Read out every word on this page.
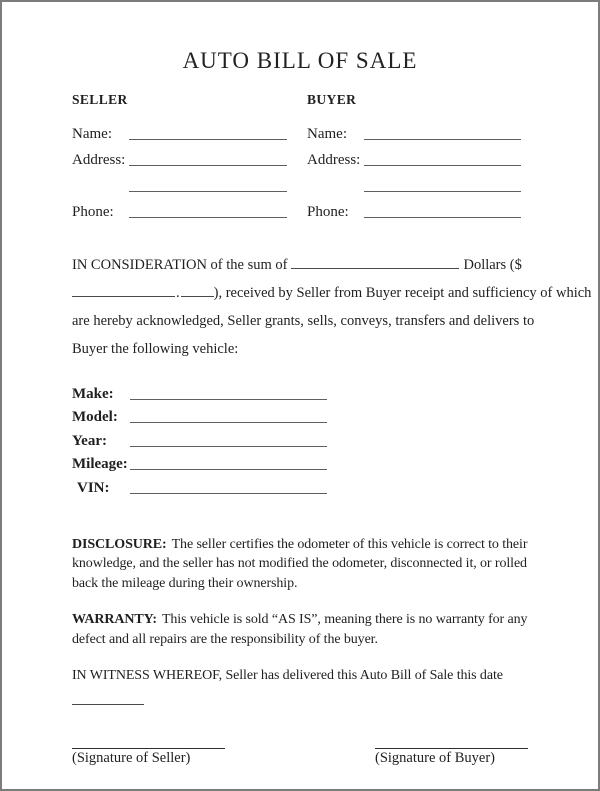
AUTO BILL OF SALE
SELLER
Name:
Address:
Phone:
BUYER
Name:
Address:
Phone:
IN CONSIDERATION of the sum of	Dollars ($
. ), received by Seller from Buyer receipt and sufficiency of which
are hereby acknowledged, Seller grants, sells, conveys, transfers and delivers to
Buyer the following vehicle:
Make:
Model:
Year:
Mileage:
VIN:

DISCLOSURE: The seller certifies the odometer of this vehicle is correct to their knowledge, and the seller has not modified the odometer, disconnected it, or rolled back the mileage during their ownership.

WARRANTY: This vehicle is sold “AS IS”, meaning there is no warranty for any defect and all repairs are the responsibility of the buyer.

IN WITNESS WHEREOF, Seller has delivered this Auto Bill of Sale this date
(Signature of Seller)	(Signature of Buyer)
